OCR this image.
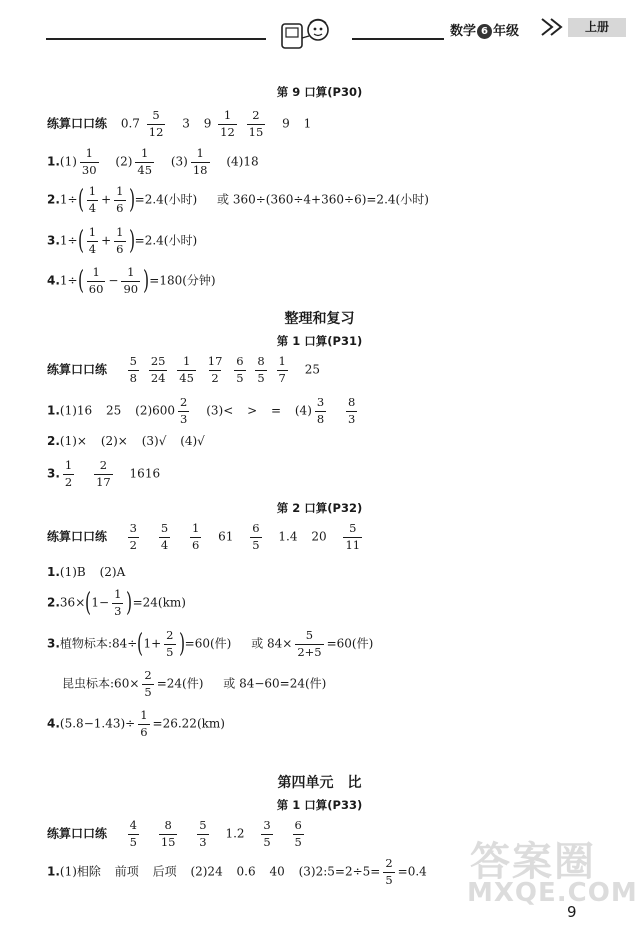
数学 6 年级	上册
第 9 口算(P30)
练算口口练 $0.7 \frac{5}{12} 3$ $9 \frac{1}{12}$
$\frac{2}{15} 9$ 1
$1.(1) \frac{1}{30} (2) \frac{1}{45} (3) \frac{1}{18} (4)18$
$2.1\div( \frac{1}{4} + \frac{1}{6} )=2.4$(小时) 或 360÷(360÷4+360÷6)=2.4(小时)
$3.1\div( \frac{1}{4} + \frac{1}{6} )=2.4$(小时)
$4.1\div( \frac{1}{60} - \frac{1}{90} )=180$(分钟)
整理和复习
第 1 口算(P31)
练算口口练 $\frac{5}{8}$
$\frac{25}{24}$
$\frac{1}{45}$
$\frac{17}{2}$
$\frac{6}{5}$
$\frac{8}{5}$
$\frac{1}{7} 25$
1.(1)16 25 $(2)600 \frac{2}{3} (3)<$ > = $(4) \frac{3}{8}$
$\frac{8}{3}$
2.(1)× (2)× (3)√ (4)√
3. $\frac{1}{2}$
$\frac{2}{17} 1616$
第 2 口算(P32)
练算口口练 $\frac{3}{2}$
$\frac{5}{4}$
$\frac{1}{6} 61 \frac{6}{5} 1.4$ $20 \frac{5}{11}$
1.(1)B (2)A
$2.36\times(1- \frac{1}{3} )=24(km)$
3.植物标本:84÷(1+ $\frac{2}{5} )=60$(件) 或 $84\times \frac{5}{2+5} =60$(件)
昆虫标本:60× $\frac{2}{5} =24$(件) 或 84−60=24(件)
$4.(5.8-1.43)\div \frac{1}{6} =26.22(km)$
第四单元　比
第 1 口算(P33)
练算口口练 $\frac{4}{5}$
$\frac{8}{15}$
$\frac{5}{3} 1.2 \frac{3}{5}$
$\frac{6}{5}$
1.(1)相除 前项 后项 (2)24 0.6 40 (3)2:5=2÷5= $\frac{2}{5} =0.4$ 答案圈
MXQE.COM
9
